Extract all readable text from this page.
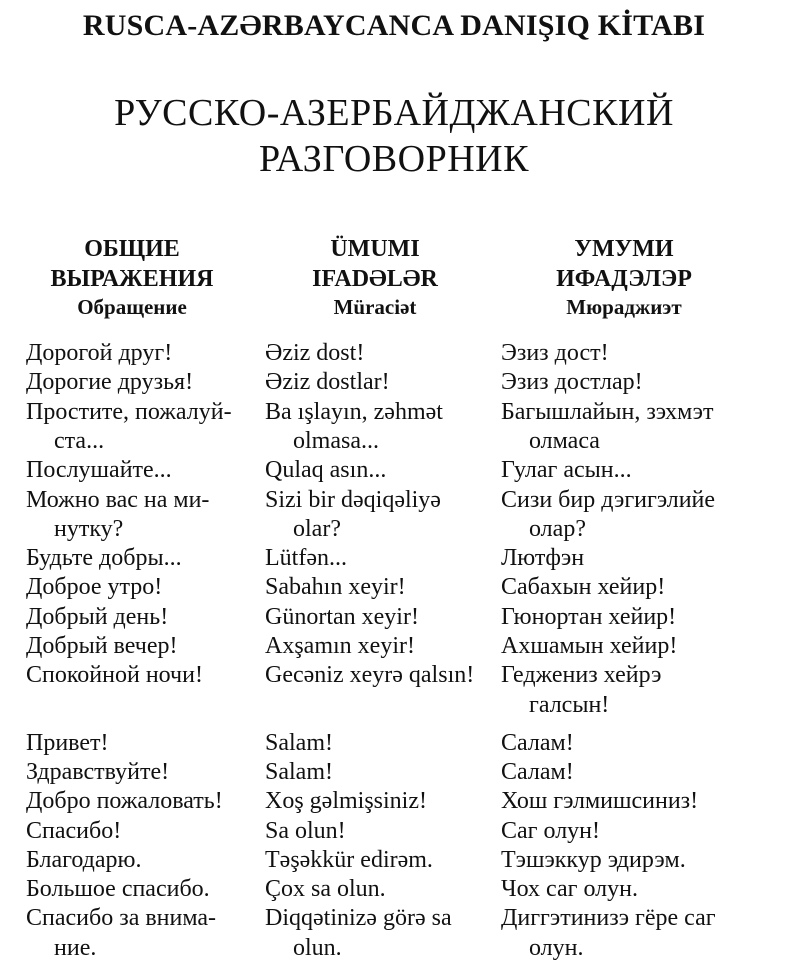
RUSCA-AZƏRBAYCANCA DANIŞIQ KİTABI
РУССКО-АЗЕРБАЙДЖАНСКИЙ
РАЗГОВОРНИК
ОБЩИЕ
ВЫРАЖЕНИЯ
Обращение
Дорогой друг!
Дорогие друзья!
Простите, пожалуй-
ста...
Послушайте...
Можно вас на ми-
нутку?
Будьте добры...
Доброе утро!
Добрый день!
Добрый вечер!
Спокойной ночи!
Привет!
Здравствуйте!
Добро пожаловать!
Спасибо!
Благодарю.
Большое спасибо.
Спасибо за внима-
ние.
ÜMUMI
IFADƏLƏR
Müraciət
Əziz dost!
Əziz dostlar!
Ba ışlayın, zəhmət
olmasa...
Qulaq asın...
Sizi bir dəqiqəliyə
olar?
Lütfən...
Sabahın xeyir!
Günortan xeyir!
Axşamın xeyir!
Gecəniz xeyrə qalsın!
Salam!
Salam!
Xoş gəlmişsiniz!
Sa olun!
Təşəkkür edirəm.
Çox sa olun.
Diqqətinizə görə sa
olun.
УМУМИ
ИФАДЭЛЭР
Мюраджиэт
Эзиз дост!
Эзиз достлар!
Багышлайын, зэхмэт
олмаса
Гулаг асын...
Сизи бир дэгигэлийе
олар?
Лютфэн
Сабахын хейир!
Гюнортан хейир!
Ахшамын хейир!
Геджениз хейрэ
галсын!
Салам!
Салам!
Хош гэлмишсиниз!
Саг олун!
Тэшэккур эдирэм.
Чох саг олун.
Диггэтинизэ гëре саг
олун.
